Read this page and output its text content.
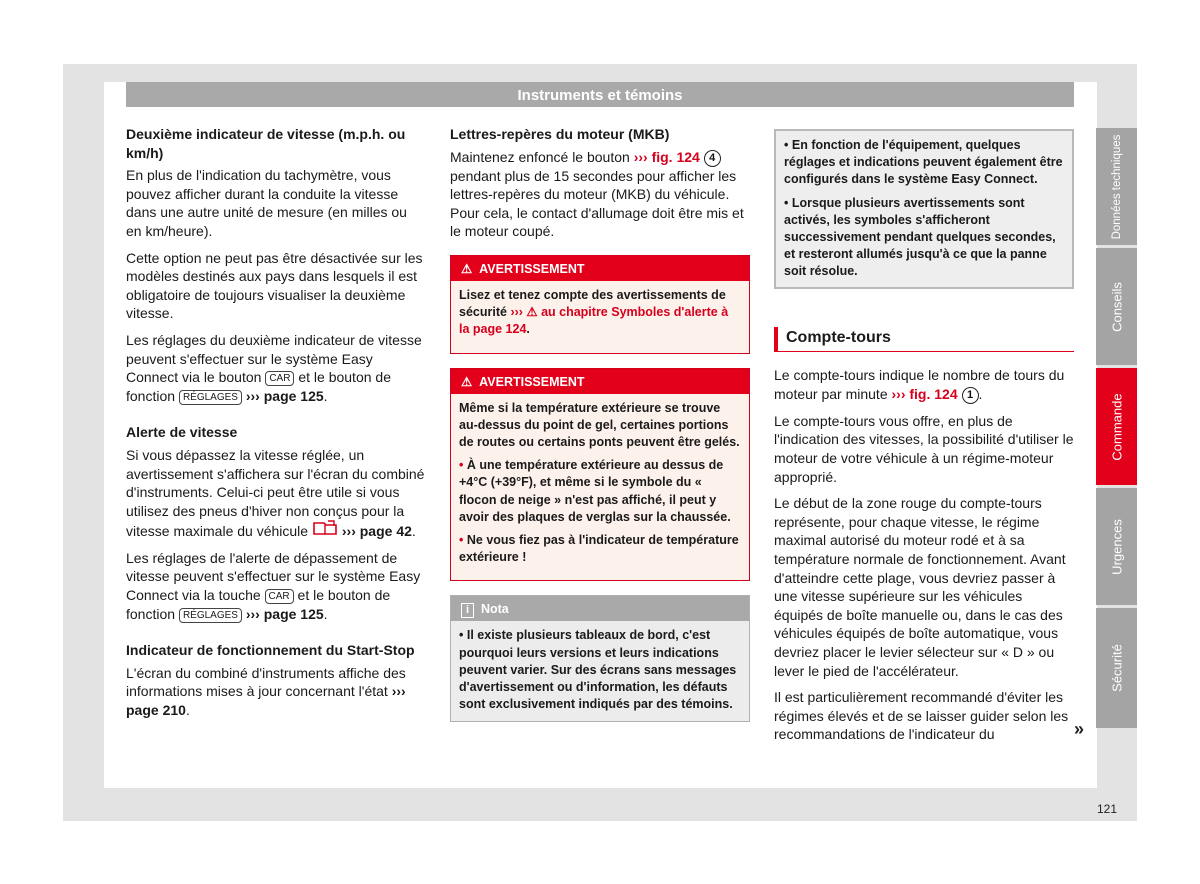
Instruments et témoins
Deuxième indicateur de vitesse (m.p.h. ou km/h)

En plus de l'indication du tachymètre, vous pouvez afficher durant la conduite la vitesse dans une autre unité de mesure (en milles ou en km/heure).

Cette option ne peut pas être désactivée sur les modèles destinés aux pays dans lesquels il est obligatoire de toujours visualiser la deuxième vitesse.

Les réglages du deuxième indicateur de vitesse peuvent s'effectuer sur le système Easy Connect via le bouton CAR et le bouton de fonction RÉGLAGES ››› page 125.

Alerte de vitesse

Si vous dépassez la vitesse réglée, un avertissement s'affichera sur l'écran du combiné d'instruments. Celui-ci peut être utile si vous utilisez des pneus d'hiver non conçus pour la vitesse maximale du véhicule ››› page 42.

Les réglages de l'alerte de dépassement de vitesse peuvent s'effectuer sur le système Easy Connect via la touche CAR et le bouton de fonction RÉGLAGES ››› page 125.

Indicateur de fonctionnement du Start-Stop

L'écran du combiné d'instruments affiche des informations mises à jour concernant l'état ››› page 210.

Lettres-repères du moteur (MKB)

Maintenez enfoncé le bouton ››› fig. 124 4 pendant plus de 15 secondes pour afficher les lettres-repères du moteur (MKB) du véhicule. Pour cela, le contact d'allumage doit être mis et le moteur coupé.

⚠ AVERTISSEMENT

Lisez et tenez compte des avertissements de sécurité ››› ⚠ au chapitre Symboles d'alerte à la page 124.

⚠ AVERTISSEMENT

Même si la température extérieure se trouve au-dessus du point de gel, certaines portions de routes ou certains ponts peuvent être gelés.

• À une température extérieure au dessus de +4°C (+39°F), et même si le symbole du « flocon de neige » n'est pas affiché, il peut y avoir des plaques de verglas sur la chaussée.

• Ne vous fiez pas à l'indicateur de température extérieure !

i Nota

• Il existe plusieurs tableaux de bord, c'est pourquoi leurs versions et leurs indications peuvent varier. Sur des écrans sans messages d'avertissement ou d'information, les défauts sont exclusivement indiqués par des témoins.

• En fonction de l'équipement, quelques réglages et indications peuvent également être configurés dans le système Easy Connect.

• Lorsque plusieurs avertissements sont activés, les symboles s'afficheront successivement pendant quelques secondes, et resteront allumés jusqu'à ce que la panne soit résolue.

Compte-tours

Le compte-tours indique le nombre de tours du moteur par minute ››› fig. 124 1 .

Le compte-tours vous offre, en plus de l'indication des vitesses, la possibilité d'utiliser le moteur de votre véhicule à un régime-moteur approprié.

Le début de la zone rouge du compte-tours représente, pour chaque vitesse, le régime maximal autorisé du moteur rodé et à sa température normale de fonctionnement. Avant d'atteindre cette plage, vous devriez passer à une vitesse supérieure sur les véhicules équipés de boîte manuelle ou, dans le cas des véhicules équipés de boîte automatique, vous devriez placer le levier sélecteur sur « D » ou lever le pied de l'accélérateur.

Il est particulièrement recommandé d'éviter les régimes élevés et de se laisser guider selon les recommandations de l'indicateur du	»
Données techniques
Conseils
Commande
Urgences
Sécurité
121
